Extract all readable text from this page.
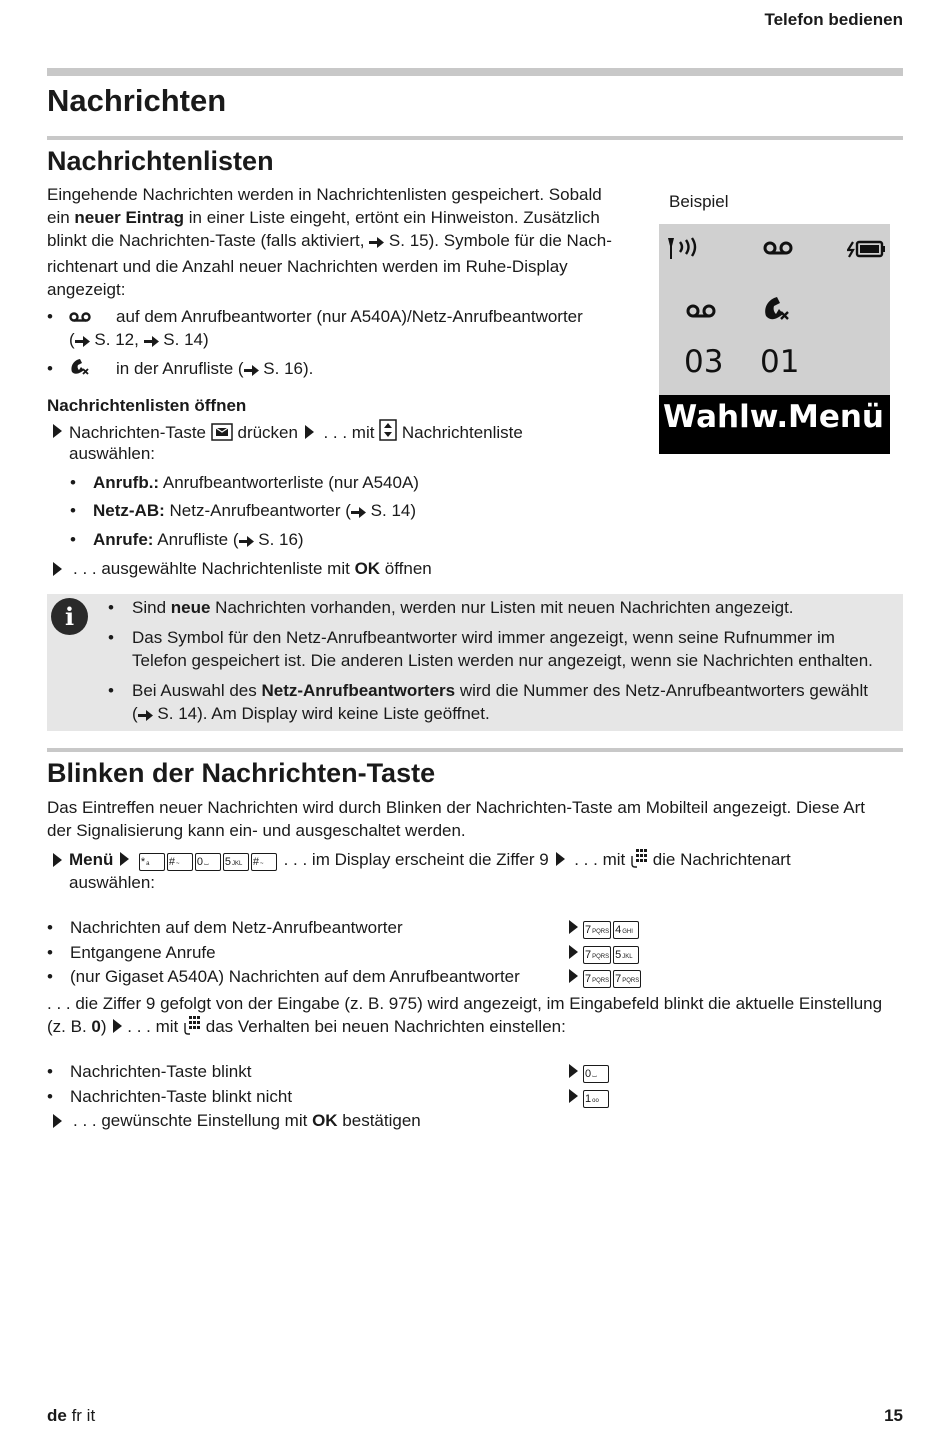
Telefon bedienen
Nachrichten
Nachrichtenlisten

Eingehende Nachrichten werden in Nachrichtenlisten gespeichert. Sobald

ein neuer Eintrag in einer Liste eingeht, ertönt ein Hinweiston. Zusätzlich

blinkt die Nachrichten-Taste (falls aktiviert,  S. 15). Symbole für die Nach-

richtenart und die Anzahl neuer Nachrichten werden im Ruhe-Display

angezeigt:

•	auf dem Anrufbeantworter (nur A540A)/Netz-Anrufbeantworter
( S. 12, S. 14)
•	in der Anrufliste ( S. 16).
Nachrichtenlisten öffnen
Nachrichten-Taste drücken . . . mit Nachrichtenliste
auswählen:
• Anrufb.: Anrufbeantworterliste (nur A540A)
• Netz-AB: Netz-Anrufbeantworter ( S. 14)
• Anrufe: Anrufliste ( S. 16)
. . . ausgewählte Nachrichtenliste mit OK öffnen
Beispiel
03 01
Wahlw. Menü
i	• Sind neue Nachrichten vorhanden, werden nur Listen mit neuen Nachrichten angezeigt.
• Das Symbol für den Netz-Anrufbeantworter wird immer angezeigt, wenn seine Rufnummer im
Telefon gespeichert ist. Die anderen Listen werden nur angezeigt, wenn sie Nachrichten enthalten.
• Bei Auswahl des Netz-Anrufbeantworters wird die Nummer des Netz-Anrufbeantworters gewählt
( S. 14). Am Display wird keine Liste geöffnet.
Blinken der Nachrichten-Taste

Das Eintreffen neuer Nachrichten wird durch Blinken der Nachrichten-Taste am Mobilteil angezeigt. Diese Art

der Signalisierung kann ein- und ausgeschaltet werden.

Menü *a #~ 0⌴ 5JKL #~ . . . im Display erscheint die Ziffer 9 . . . mit die Nachrichtenart
auswählen:
• Nachrichten auf dem Netz-Anrufbeantworter	7PQRS 4GHI
• Entgangene Anrufe	7PQRS 5JKL
• (nur Gigaset A540A) Nachrichten auf dem Anrufbeantworter	7PQRS 7PQRS

. . . die Ziffer 9 gefolgt von der Eingabe (z. B. 975) wird angezeigt, im Eingabefeld blinkt die aktuelle Einstellung

(z. B. 0) . . . mit das Verhalten bei neuen Nachrichten einstellen:

• Nachrichten-Taste blinkt	0⌴
• Nachrichten-Taste blinkt nicht	1oo
. . . gewünschte Einstellung mit OK bestätigen
de fr it	15
